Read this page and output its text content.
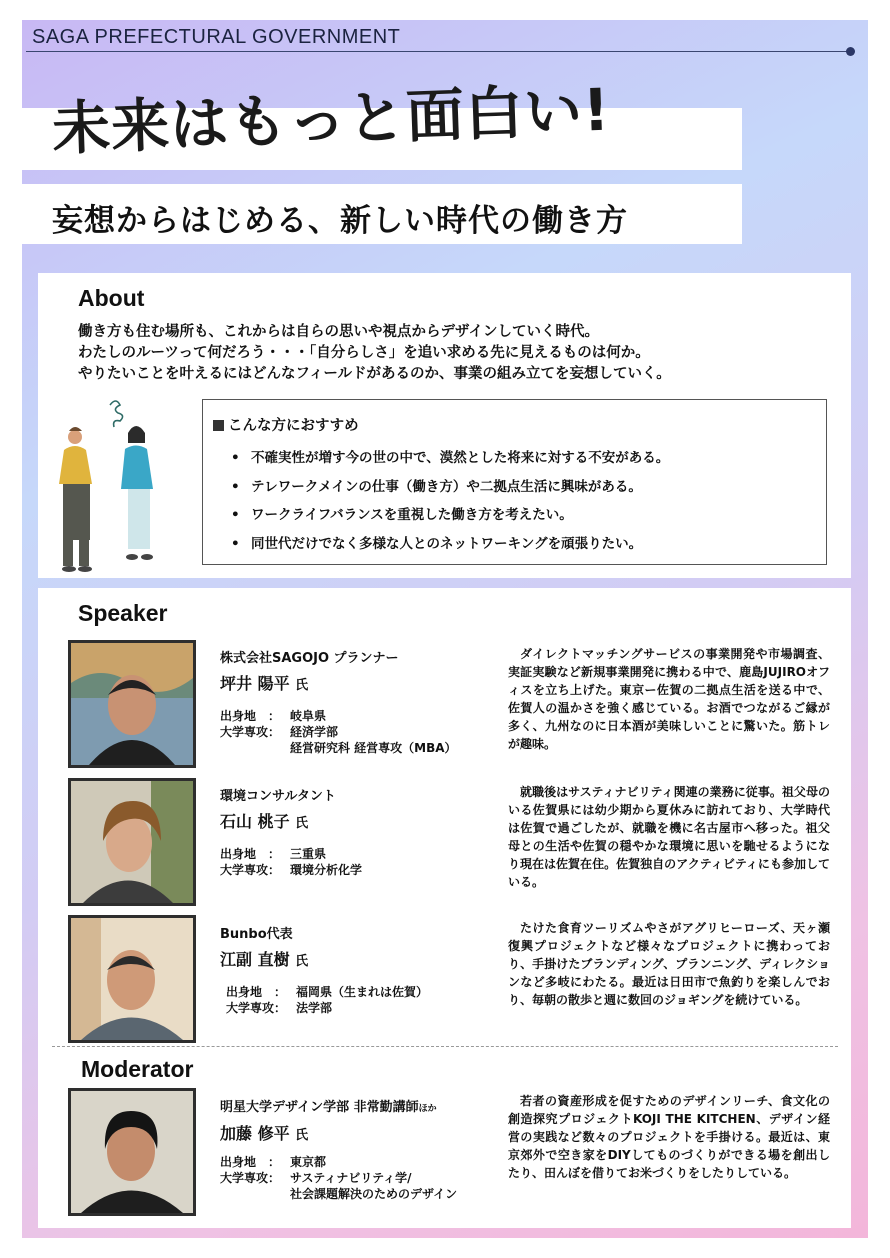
SAGA PREFECTURAL GOVERNMENT
未来はもっと面白い!
妄想からはじめる、新しい時代の働き方
About
働き方も住む場所も、これからは自らの思いや視点からデザインしていく時代。
わたしのルーツって何だろう・・・「自分らしさ」を追い求める先に見えるものは何か。
やりたいことを叶えるにはどんなフィールドがあるのか、事業の組み立てを妄想していく。
こんな方におすすめ
• 不確実性が増す今の世の中で、漠然とした将来に対する不安がある。
• テレワークメインの仕事（働き方）や二拠点生活に興味がある。
• ワークライフバランスを重視した働き方を考えたい。
• 同世代だけでなく多様な人とのネットワーキングを頑張りたい。
Speaker
株式会社SAGOJO プランナー
坪井 陽平 氏
出身地　： 岐阜県
大学専攻： 経済学部
経営研究科 経営専攻（MBA）
ダイレクトマッチングサービスの事業開発や市場調査、実証実験など新規事業開発に携わる中で、鹿島JUJIROオフィスを立ち上げた。東京ー佐賀の二拠点生活を送る中で、佐賀人の温かさを強く感じている。お酒でつながるご縁が多く、九州なのに日本酒が美味しいことに驚いた。筋トレが趣味。
環境コンサルタント
石山 桃子 氏
出身地　： 三重県
大学専攻： 環境分析化学
就職後はサスティナビリティ関連の業務に従事。祖父母のいる佐賀県には幼少期から夏休みに訪れており、大学時代は佐賀で過ごしたが、就職を機に名古屋市へ移った。祖父母との生活や佐賀の穏やかな環境に思いを馳せるようになり現在は佐賀在住。佐賀独自のアクティビティにも参加している。
Bunbo代表
江副 直樹 氏
出身地　： 福岡県（生まれは佐賀）
大学専攻： 法学部
たけた食育ツーリズムやさがアグリヒーローズ、天ヶ瀬復興プロジェクトなど様々なプロジェクトに携わっており、手掛けたブランディング、プランニング、ディレクションなど多岐にわたる。最近は日田市で魚釣りを楽しんでおり、毎朝の散歩と週に数回のジョギングを続けている。
Moderator
明星大学デザイン学部 非常勤講師ほか
加藤 修平 氏
出身地　： 東京都
大学専攻： サスティナビリティ学/
社会課題解決のためのデザイン
若者の資産形成を促すためのデザインリーチ、食文化の創造探究プロジェクトKOJI THE KITCHEN、デザイン経営の実践など数々のプロジェクトを手掛ける。最近は、東京郊外で空き家をDIYしてものづくりができる場を創出したり、田んぼを借りてお米づくりをしたりしている。
